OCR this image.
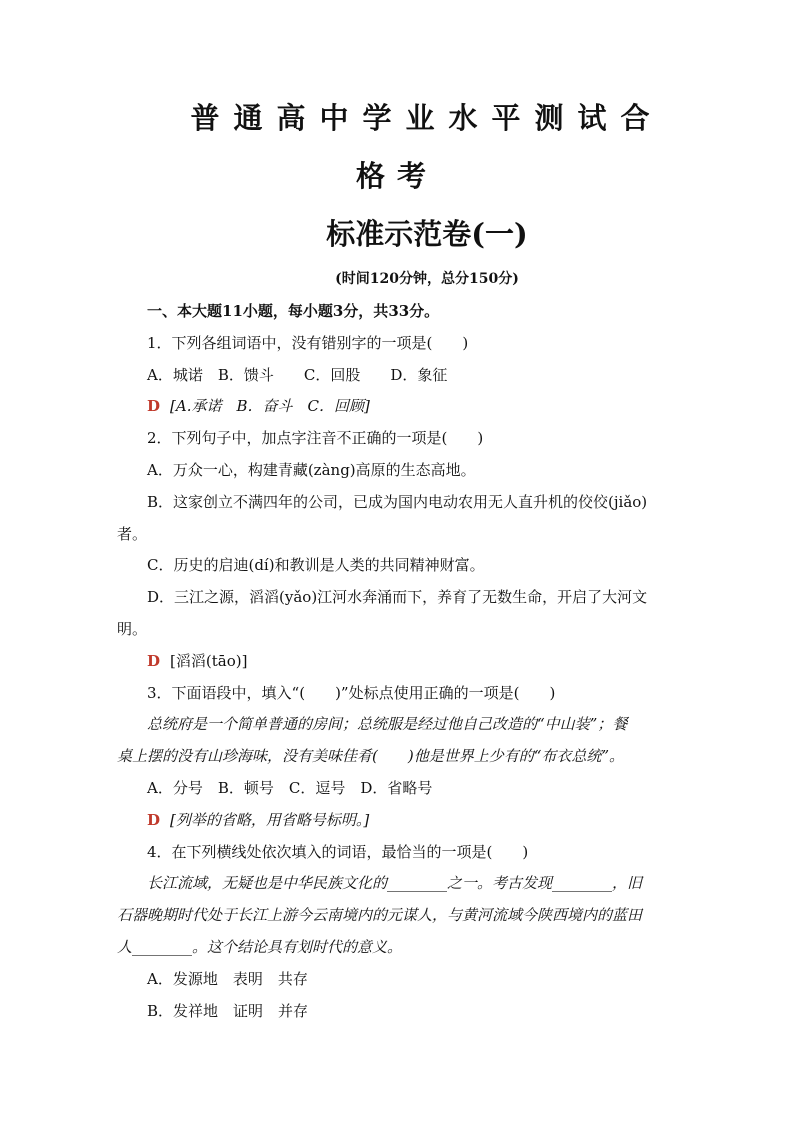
普通高中学业水平测试合
格考
标准示范卷(一)
(时间120分钟，总分150分)
一、本大题11小题，每小题3分，共33分。
1．下列各组词语中，没有错别字的一项是(　　)
A．城诺　B．馈斗　　C．回股　　D．象征
D [A.承诺　B．奋斗　C．回顾]
2．下列句子中，加点字注音不正确的一项是(　　)
A．万众一心，构建青藏(zàng)高原的生态高地。
B．这家创立不满四年的公司，已成为国内电动农用无人直升机的佼佼(jiǎo)
者。
C．历史的启迪(dí)和教训是人类的共同精神财富。
D．三江之源，滔滔(yǎo)江河水奔涌而下，养育了无数生命，开启了大河文
明。
D [滔滔(tāo)]
3．下面语段中，填入“(　　)”处标点使用正确的一项是(　　)
总统府是一个简单普通的房间；总统服是经过他自己改造的“中山装”；餐
桌上摆的没有山珍海味，没有美味佳肴(　　)他是世界上少有的“布衣总统”。
A．分号　B．顿号　C．逗号　D．省略号
D [列举的省略，用省略号标明。]
4．在下列横线处依次填入的词语，最恰当的一项是(　　)
长江流域，无疑也是中华民族文化的________之一。考古发现________，旧
石器晚期时代处于长江上游今云南境内的元谋人，与黄河流域今陕西境内的蓝田
人________。这个结论具有划时代的意义。
A．发源地　表明　共存
B．发祥地　证明　并存
